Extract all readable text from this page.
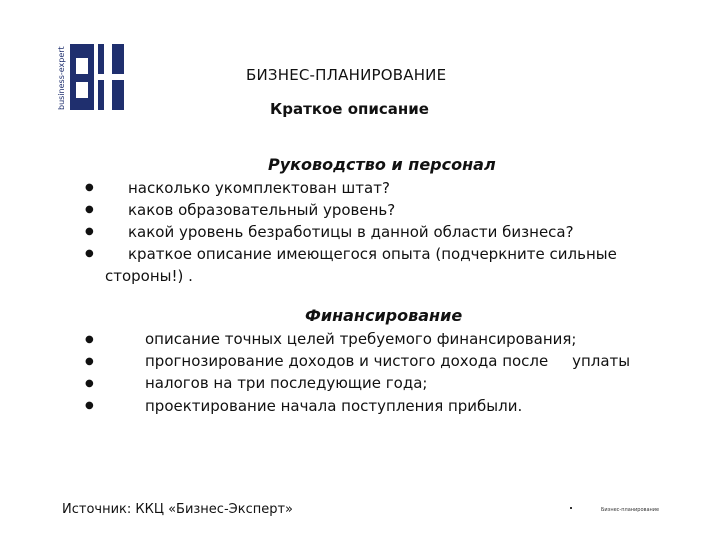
business-expert	БИЗНЕС-ПЛАНИРОВАНИЕ
Краткое описание
Руководство и персонал
● насколько укомплектован штат?
● каков образовательный уровень?
● какой уровень безработицы в данной области бизнеса?
● краткое описание имеющегося опыта (подчеркните сильные
стороны!) .
Финансирование
●	описание точных целей требуемого финансирования;
●	прогнозирование доходов и чистого дохода после     уплаты
●	налогов на три последующие года;
●	проектирование начала поступления прибыли.
Источник: ККЦ «Бизнес-Эксперт»	Бизнес-планирование
